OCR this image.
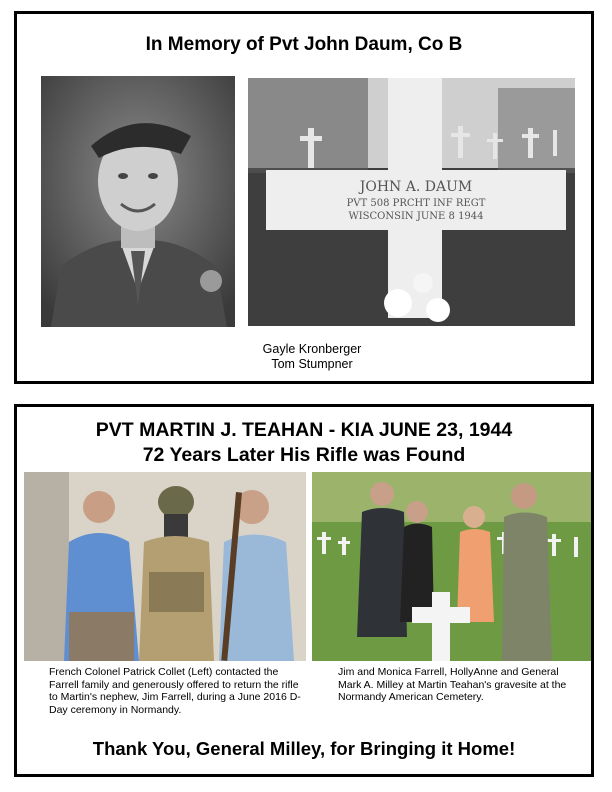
In Memory of Pvt John Daum, Co B
JOHN A. DAUM
PVT 508 PRCHT INF REGT
WISCONSIN JUNE 8 1944
Gayle Kronberger
Tom Stumpner
PVT MARTIN J. TEAHAN - KIA JUNE 23, 1944
72 Years Later His Rifle was Found
French Colonel Patrick Collet (Left) contacted the Farrell family and generously offered to return the rifle to Martin's nephew, Jim Farrell, during a June 2016 D-Day ceremony in Normandy.
Jim and Monica Farrell, HollyAnne and General Mark A. Milley at Martin Teahan's gravesite at the Normandy American Cemetery.
Thank You, General Milley, for Bringing it Home!
